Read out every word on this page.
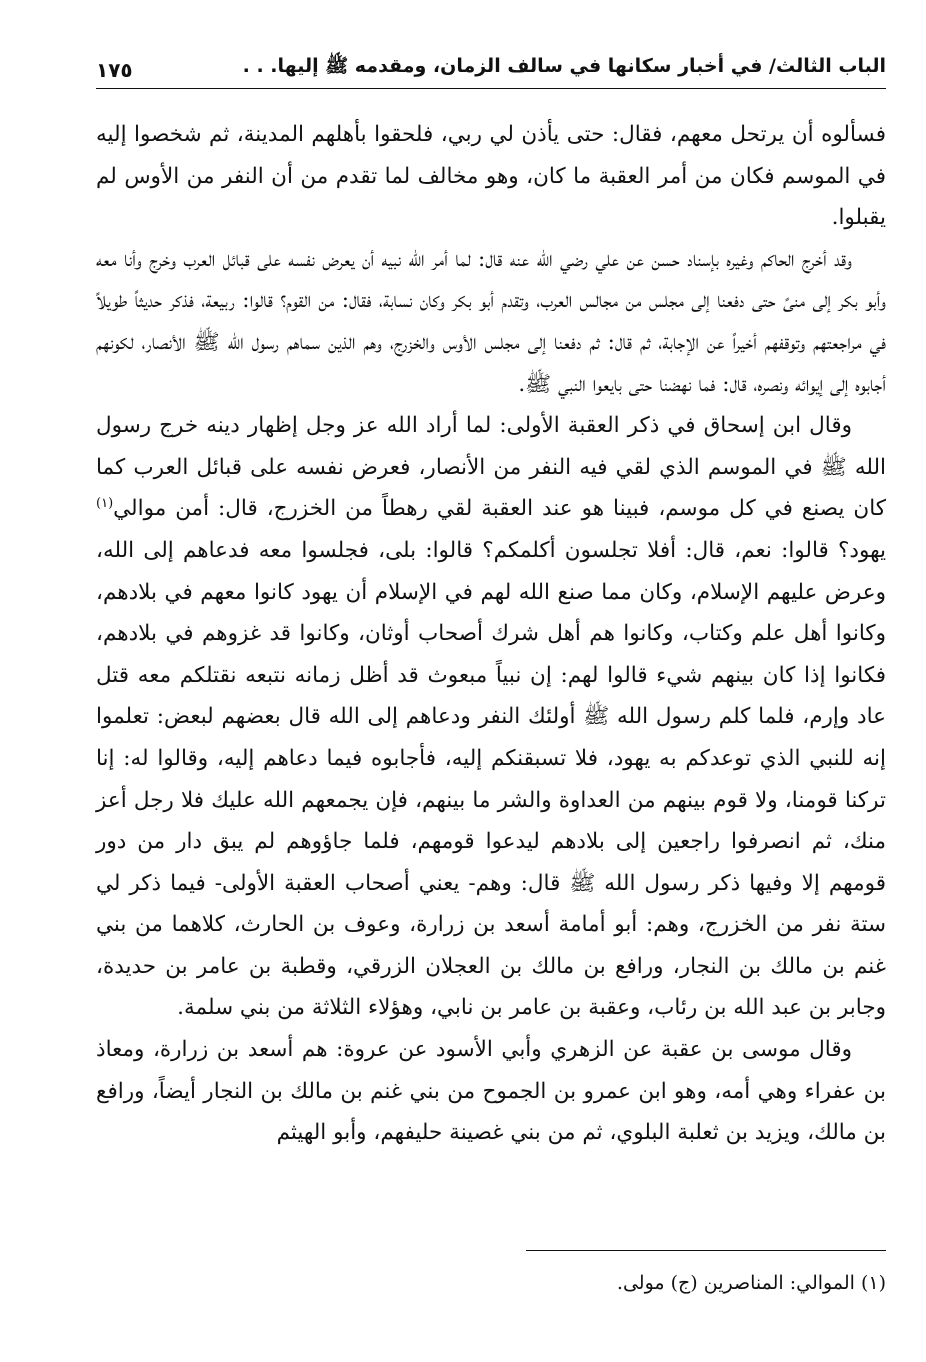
الباب الثالث/ في أخبار سكانها في سالف الزمان، ومقدمه ﷺ إليها. . .
١٧٥

فسألوه أن يرتحل معهم، فقال: حتى يأذن لي ربي، فلحقوا بأهلهم المدينة، ثم شخصوا إليه في الموسم فكان من أمر العقبة ما كان، وهو مخالف لما تقدم من أن النفر من الأوس لم يقبلوا.

وقد أخرج الحاكم وغيره بإسناد حسن عن علي رضي الله عنه قال: لما أمر الله نبيه أن يعرض نفسه على قبائل العرب وخرج وأنا معه وأبو بكر إلى منىً حتى دفعنا إلى مجلس من مجالس العرب، وتقدم أبو بكر وكان نسابة، فقال: من القوم؟ قالوا: ربيعة، فذكر حديثاً طويلاً في مراجعتهم وتوقفهم أخيراً عن الإجابة، ثم قال: ثم دفعنا إلى مجلس الأوس والخزرج، وهم الذين سماهم رسول الله ﷺ الأنصار، لكونهم أجابوه إلى إيوائه ونصره، قال: فما نهضنا حتى بايعوا النبي ﷺ.

وقال ابن إسحاق في ذكر العقبة الأولى: لما أراد الله عز وجل إظهار دينه خرج رسول الله ﷺ في الموسم الذي لقي فيه النفر من الأنصار، فعرض نفسه على قبائل العرب كما كان يصنع في كل موسم، فبينا هو عند العقبة لقي رهطاً من الخزرج، قال: أمن موالي$^{(١)}$ يهود؟ قالوا: نعم، قال: أفلا تجلسون أكلمكم؟ قالوا: بلى، فجلسوا معه فدعاهم إلى الله، وعرض عليهم الإسلام، وكان مما صنع الله لهم في الإسلام أن يهود كانوا معهم في بلادهم، وكانوا أهل علم وكتاب، وكانوا هم أهل شرك أصحاب أوثان، وكانوا قد غزوهم في بلادهم، فكانوا إذا كان بينهم شيء قالوا لهم: إن نبياً مبعوث قد أظل زمانه نتبعه نقتلكم معه قتل عاد وإرم، فلما كلم رسول الله ﷺ أولئك النفر ودعاهم إلى الله قال بعضهم لبعض: تعلموا إنه للنبي الذي توعدكم به يهود، فلا تسبقنكم إليه، فأجابوه فيما دعاهم إليه، وقالوا له: إنا تركنا قومنا، ولا قوم بينهم من العداوة والشر ما بينهم، فإن يجمعهم الله عليك فلا رجل أعز منك، ثم انصرفوا راجعين إلى بلادهم ليدعوا قومهم، فلما جاؤوهم لم يبق دار من دور قومهم إلا وفيها ذكر رسول الله ﷺ قال: وهم- يعني أصحاب العقبة الأولى- فيما ذكر لي ستة نفر من الخزرج، وهم: أبو أمامة أسعد بن زرارة، وعوف بن الحارث، كلاهما من بني غنم بن مالك بن النجار، ورافع بن مالك بن العجلان الزرقي، وقطبة بن عامر بن حديدة، وجابر بن عبد الله بن رئاب، وعقبة بن عامر بن نابي، وهؤلاء الثلاثة من بني سلمة.

وقال موسى بن عقبة عن الزهري وأبي الأسود عن عروة: هم أسعد بن زرارة، ومعاذ بن عفراء وهي أمه، وهو ابن عمرو بن الجموح من بني غنم بن مالك بن النجار أيضاً، ورافع بن مالك، ويزيد بن ثعلبة البلوي، ثم من بني غصينة حليفهم، وأبو الهيثم

(١) الموالي: المناصرين (ج) مولى.
